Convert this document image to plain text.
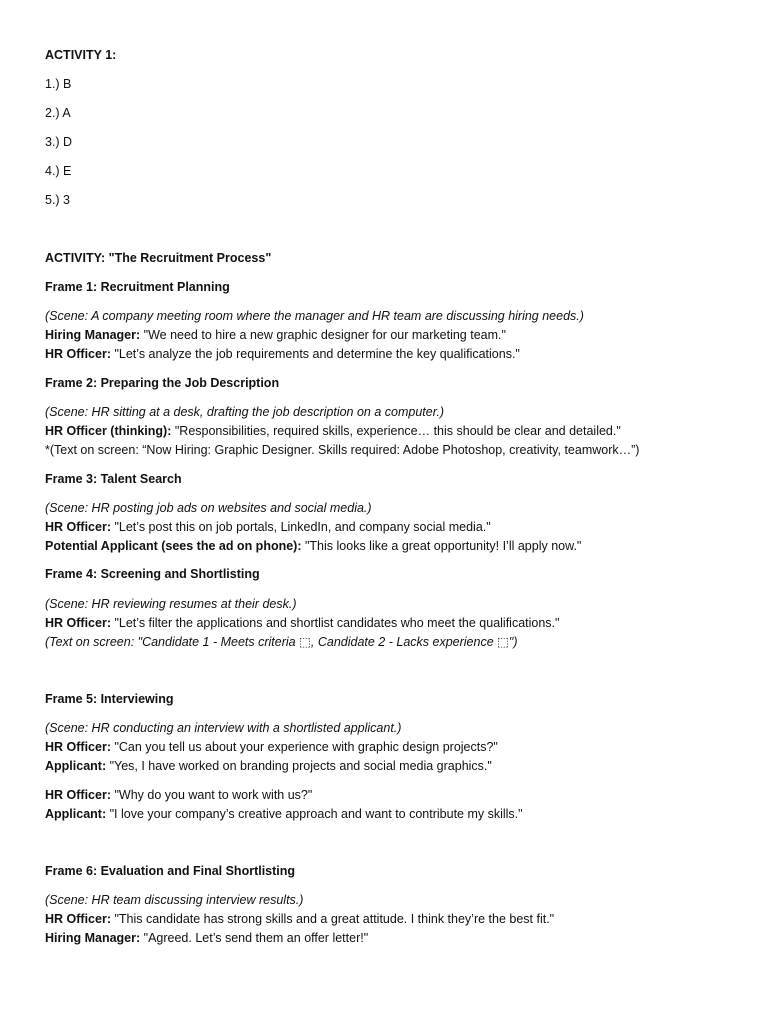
ACTIVITY 1:
1.) B
2.) A
3.) D
4.) E
5.) 3
ACTIVITY: "The Recruitment Process"
Frame 1: Recruitment Planning
(Scene: A company meeting room where the manager and HR team are discussing hiring needs.)
Hiring Manager: "We need to hire a new graphic designer for our marketing team."
HR Officer: "Let’s analyze the job requirements and determine the key qualifications."
Frame 2: Preparing the Job Description
(Scene: HR sitting at a desk, drafting the job description on a computer.)
HR Officer (thinking): "Responsibilities, required skills, experience… this should be clear and detailed."
*(Text on screen: “Now Hiring: Graphic Designer. Skills required: Adobe Photoshop, creativity, teamwork…”)
Frame 3: Talent Search
(Scene: HR posting job ads on websites and social media.)
HR Officer: "Let’s post this on job portals, LinkedIn, and company social media."
Potential Applicant (sees the ad on phone): "This looks like a great opportunity! I’ll apply now."
Frame 4: Screening and Shortlisting
(Scene: HR reviewing resumes at their desk.)
HR Officer: "Let’s filter the applications and shortlist candidates who meet the qualifications."
(Text on screen: "Candidate 1 - Meets criteria ⬚, Candidate 2 - Lacks experience ⬚")
Frame 5: Interviewing
(Scene: HR conducting an interview with a shortlisted applicant.)
HR Officer: "Can you tell us about your experience with graphic design projects?"
Applicant: "Yes, I have worked on branding projects and social media graphics."
HR Officer: "Why do you want to work with us?"
Applicant: "I love your company’s creative approach and want to contribute my skills."
Frame 6: Evaluation and Final Shortlisting
(Scene: HR team discussing interview results.)
HR Officer: "This candidate has strong skills and a great attitude. I think they’re the best fit."
Hiring Manager: "Agreed. Let’s send them an offer letter!"
